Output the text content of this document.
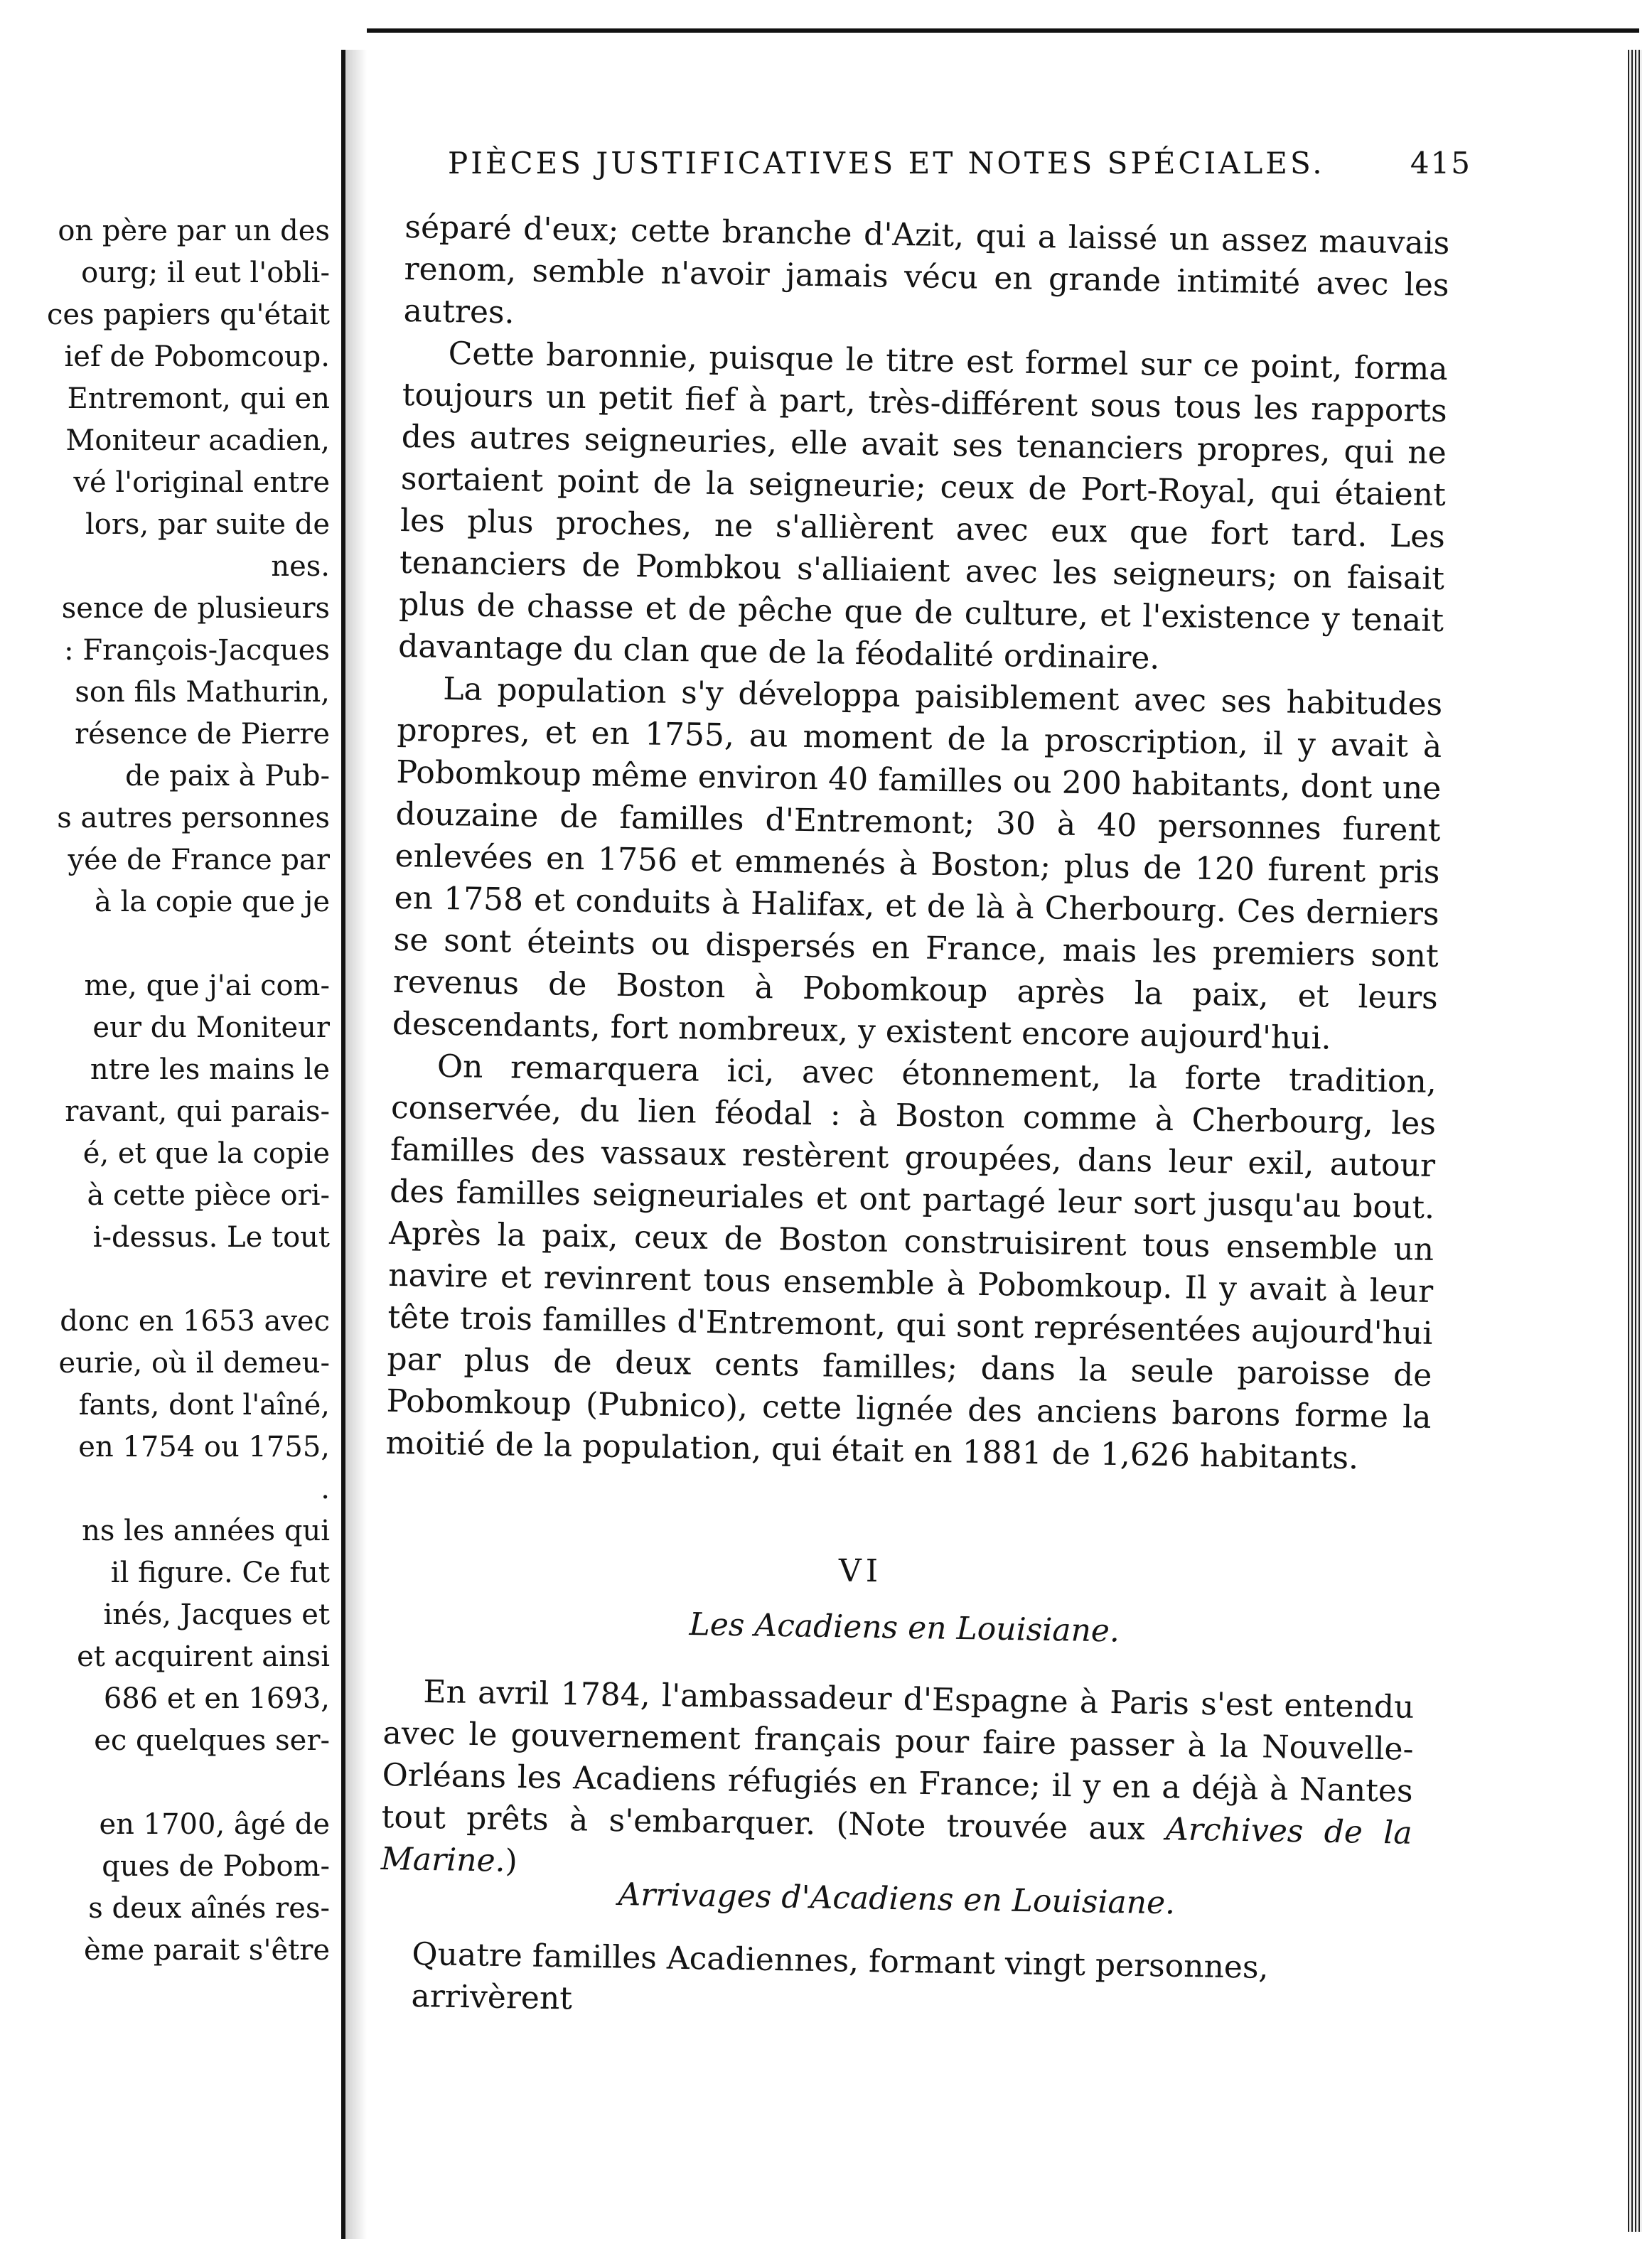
on père par un des
ourg; il eut l'obli-
ces papiers qu'était
ief de Pobomcoup.
Entremont, qui en
Moniteur acadien,
vé l'original entre
lors, par suite de
nes.
sence de plusieurs
: François-Jacques
son fils Mathurin,
résence de Pierre
de paix à Pub-
s autres personnes
yée de France par
à la copie que je
me, que j'ai com-
eur du Moniteur
ntre les mains le
ravant, qui parais-
é, et que la copie
à cette pièce ori-
i-dessus. Le tout
donc en 1653 avec
eurie, où il demeu-
fants, dont l'aîné,
en 1754 ou 1755,
.
ns les années qui
il figure. Ce fut
inés, Jacques et
et acquirent ainsi
686 et en 1693,
ec quelques ser-
en 1700, âgé de
ques de Pobom-
s deux aînés res-
ème parait s'être
PIÈCES JUSTIFICATIVES ET NOTES SPÉCIALES.	415

séparé d'eux; cette branche d'Azit, qui a laissé un assez mauvais renom, semble n'avoir jamais vécu en grande intimité avec les autres.

Cette baronnie, puisque le titre est formel sur ce point, forma toujours un petit fief à part, très-différent sous tous les rapports des autres seigneuries, elle avait ses tenanciers propres, qui ne sortaient point de la seigneurie; ceux de Port-Royal, qui étaient les plus proches, ne s'allièrent avec eux que fort tard. Les tenanciers de Pombkou s'alliaient avec les seigneurs; on faisait plus de chasse et de pêche que de culture, et l'existence y tenait davantage du clan que de la féodalité ordinaire.

La population s'y développa paisiblement avec ses habitudes propres, et en 1755, au moment de la proscription, il y avait à Pobomkoup même environ 40 familles ou 200 habitants, dont une douzaine de familles d'Entremont; 30 à 40 personnes furent enlevées en 1756 et emmenés à Boston; plus de 120 furent pris en 1758 et conduits à Halifax, et de là à Cherbourg. Ces derniers se sont éteints ou dispersés en France, mais les premiers sont revenus de Boston à Pobomkoup après la paix, et leurs descendants, fort nombreux, y existent encore aujourd'hui.

On remarquera ici, avec étonnement, la forte tradition, conservée, du lien féodal : à Boston comme à Cherbourg, les familles des vassaux restèrent groupées, dans leur exil, autour des familles seigneuriales et ont partagé leur sort jusqu'au bout. Après la paix, ceux de Boston construisirent tous ensemble un navire et revinrent tous ensemble à Pobomkoup. Il y avait à leur tête trois familles d'Entremont, qui sont représentées aujourd'hui par plus de deux cents familles; dans la seule paroisse de Pobomkoup (Pubnico), cette lignée des anciens barons forme la moitié de la population, qui était en 1881 de 1,626 habitants.

VI
Les Acadiens en Louisiane.

En avril 1784, l'ambassadeur d'Espagne à Paris s'est entendu avec le gouvernement français pour faire passer à la Nouvelle-Orléans les Acadiens réfugiés en France; il y en a déjà à Nantes tout prêts à s'embarquer. (Note trouvée aux Archives de la Marine.)

Arrivages d'Acadiens en Louisiane.
Quatre familles Acadiennes, formant vingt personnes, arrivèrent
